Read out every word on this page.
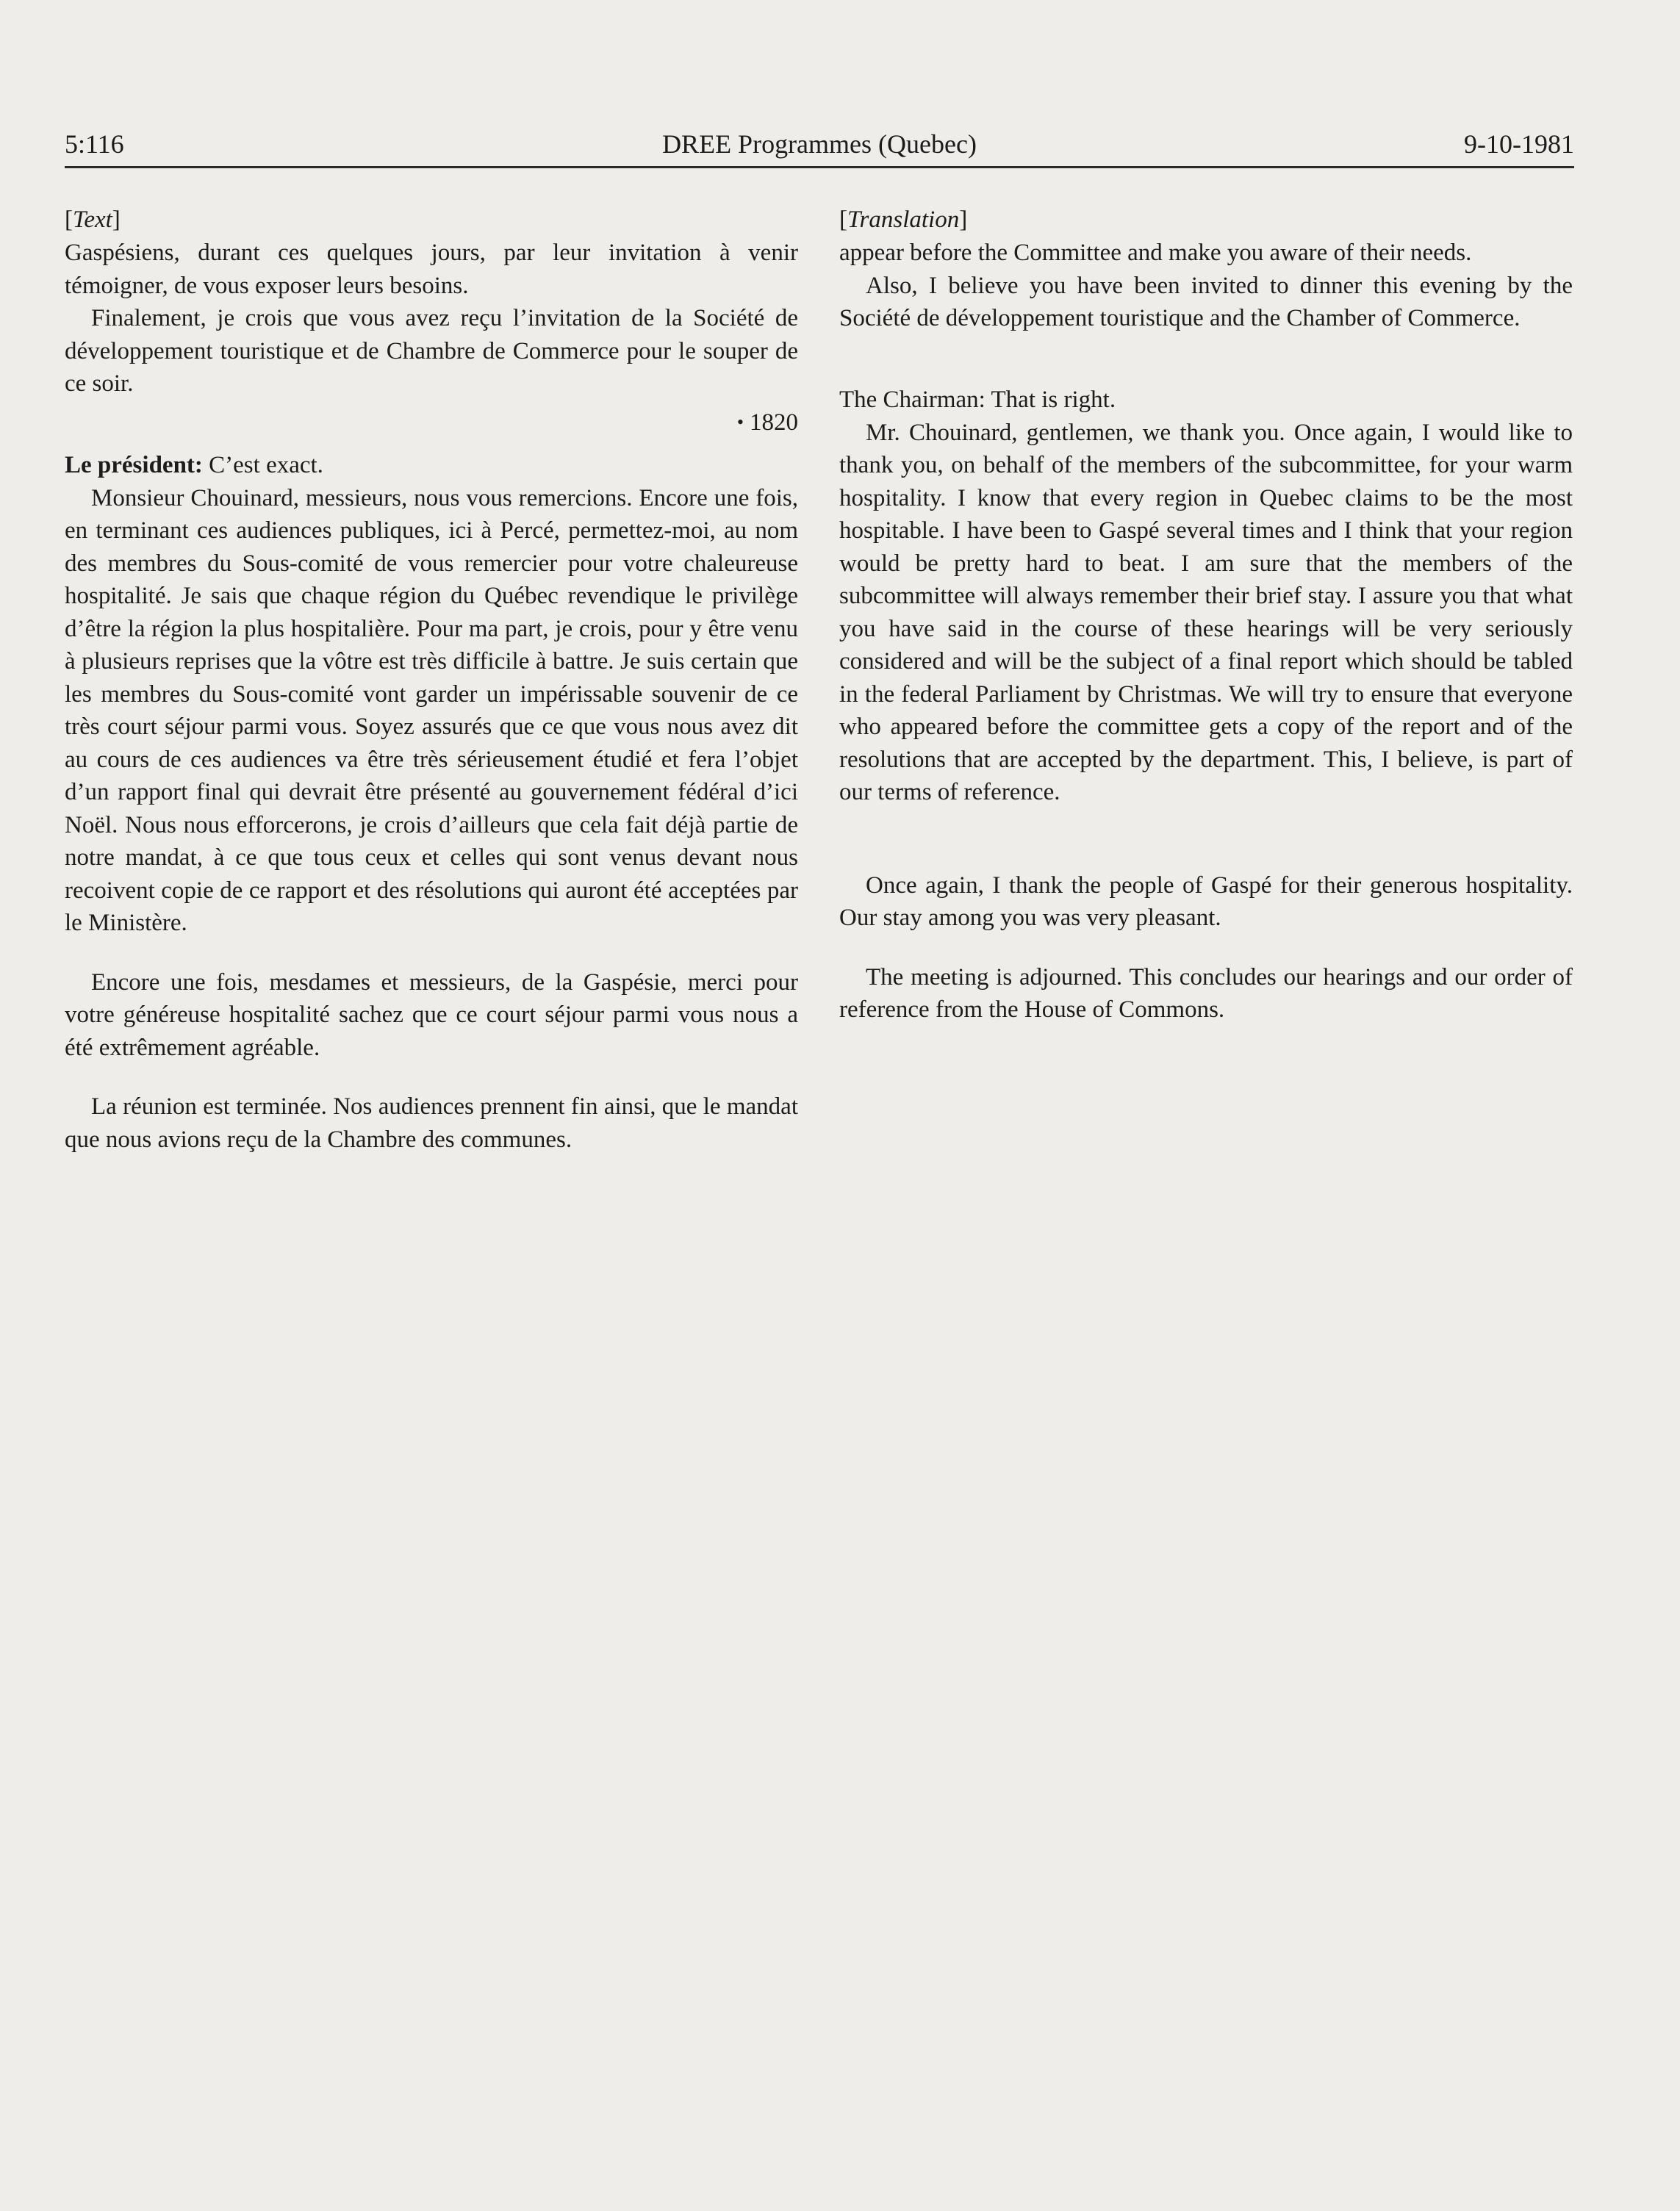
5:116	DREE Programmes (Quebec)	9-10-1981
[Text]

Gaspésiens, durant ces quelques jours, par leur invitation à venir témoigner, de vous exposer leurs besoins.

Finalement, je crois que vous avez reçu l’invitation de la Société de développement touristique et de Chambre de Commerce pour le souper de ce soir.

• 1820

Le président: C’est exact.

Monsieur Chouinard, messieurs, nous vous remercions. Encore une fois, en terminant ces audiences publiques, ici à Percé, permettez-moi, au nom des membres du Sous-comité de vous remercier pour votre chaleureuse hospitalité. Je sais que chaque région du Québec revendique le privilège d’être la région la plus hospitalière. Pour ma part, je crois, pour y être venu à plusieurs reprises que la vôtre est très difficile à battre. Je suis certain que les membres du Sous-comité vont garder un impérissable souvenir de ce très court séjour parmi vous. Soyez assurés que ce que vous nous avez dit au cours de ces audiences va être très sérieusement étudié et fera l’objet d’un rapport final qui devrait être présenté au gouvernement fédéral d’ici Noël. Nous nous efforcerons, je crois d’ailleurs que cela fait déjà partie de notre mandat, à ce que tous ceux et celles qui sont venus devant nous recoivent copie de ce rapport et des résolutions qui auront été acceptées par le Ministère.

Encore une fois, mesdames et messieurs, de la Gaspésie, merci pour votre généreuse hospitalité sachez que ce court séjour parmi vous nous a été extrêmement agréable.

La réunion est terminée. Nos audiences prennent fin ainsi, que le mandat que nous avions reçu de la Chambre des communes.

[Translation]

appear before the Committee and make you aware of their needs.

Also, I believe you have been invited to dinner this evening by the Société de développement touristique and the Chamber of Commerce.

The Chairman: That is right.

Mr. Chouinard, gentlemen, we thank you. Once again, I would like to thank you, on behalf of the members of the subcommittee, for your warm hospitality. I know that every region in Quebec claims to be the most hospitable. I have been to Gaspé several times and I think that your region would be pretty hard to beat. I am sure that the members of the subcommittee will always remember their brief stay. I assure you that what you have said in the course of these hearings will be very seriously considered and will be the subject of a final report which should be tabled in the federal Parliament by Christmas. We will try to ensure that everyone who appeared before the committee gets a copy of the report and of the resolutions that are accepted by the department. This, I believe, is part of our terms of reference.

Once again, I thank the people of Gaspé for their generous hospitality. Our stay among you was very pleasant.

The meeting is adjourned. This concludes our hearings and our order of reference from the House of Commons.
